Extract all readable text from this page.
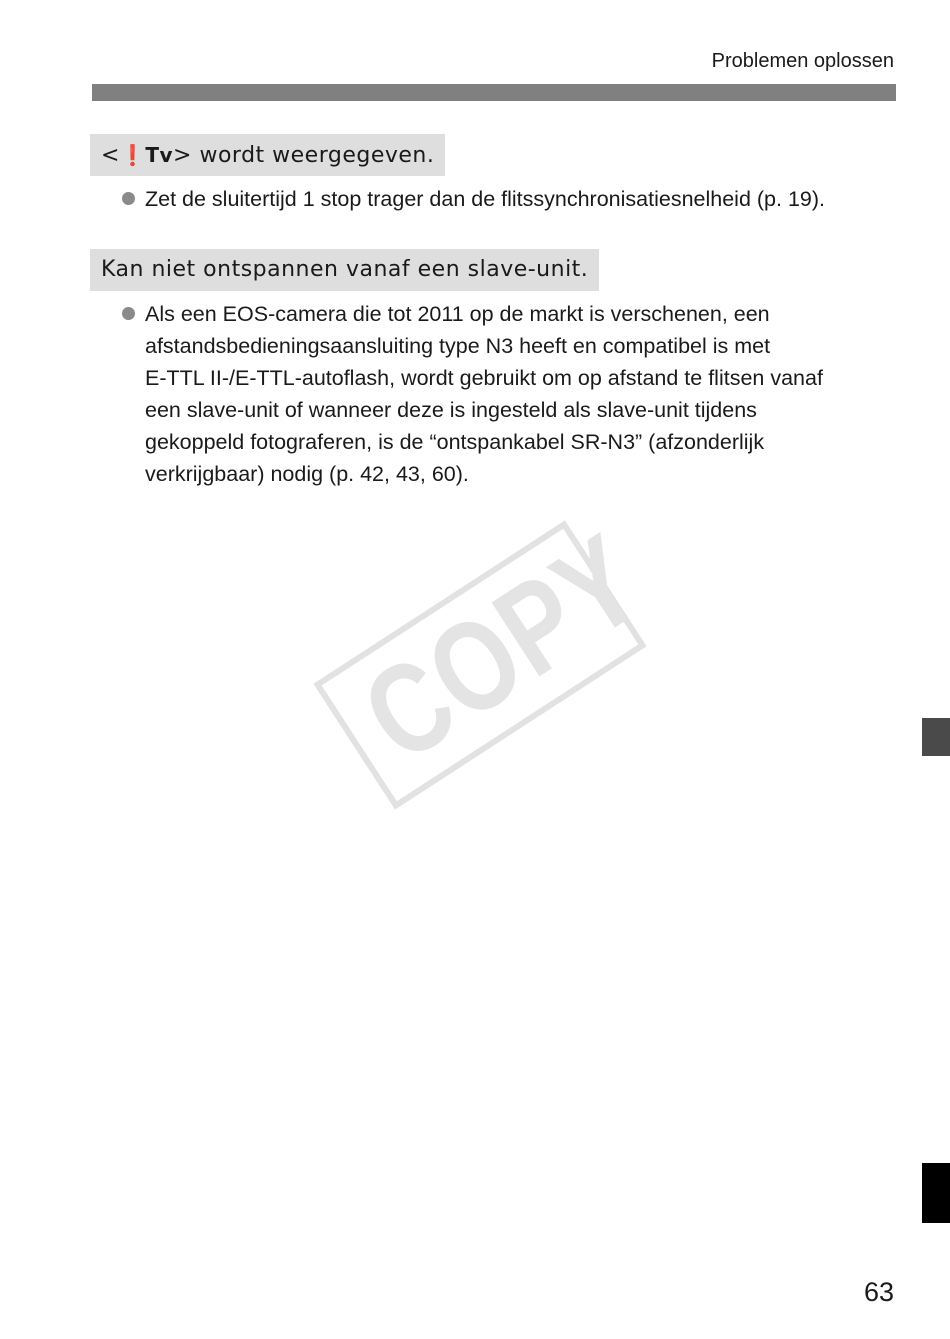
Problemen oplossen
<❗Tv> wordt weergegeven.
Zet de sluitertijd 1 stop trager dan de flitssynchronisatiesnelheid (p. 19).
Kan niet ontspannen vanaf een slave-unit.
Als een EOS-camera die tot 2011 op de markt is verschenen, een
afstandsbedieningsaansluiting type N3 heeft en compatibel is met
E-TTL II-/E-TTL-autoflash, wordt gebruikt om op afstand te flitsen vanaf
een slave-unit of wanneer deze is ingesteld als slave-unit tijdens
gekoppeld fotograferen, is de “ontspankabel SR-N3” (afzonderlijk
verkrijgbaar) nodig (p. 42, 43, 60).
COPY
63
